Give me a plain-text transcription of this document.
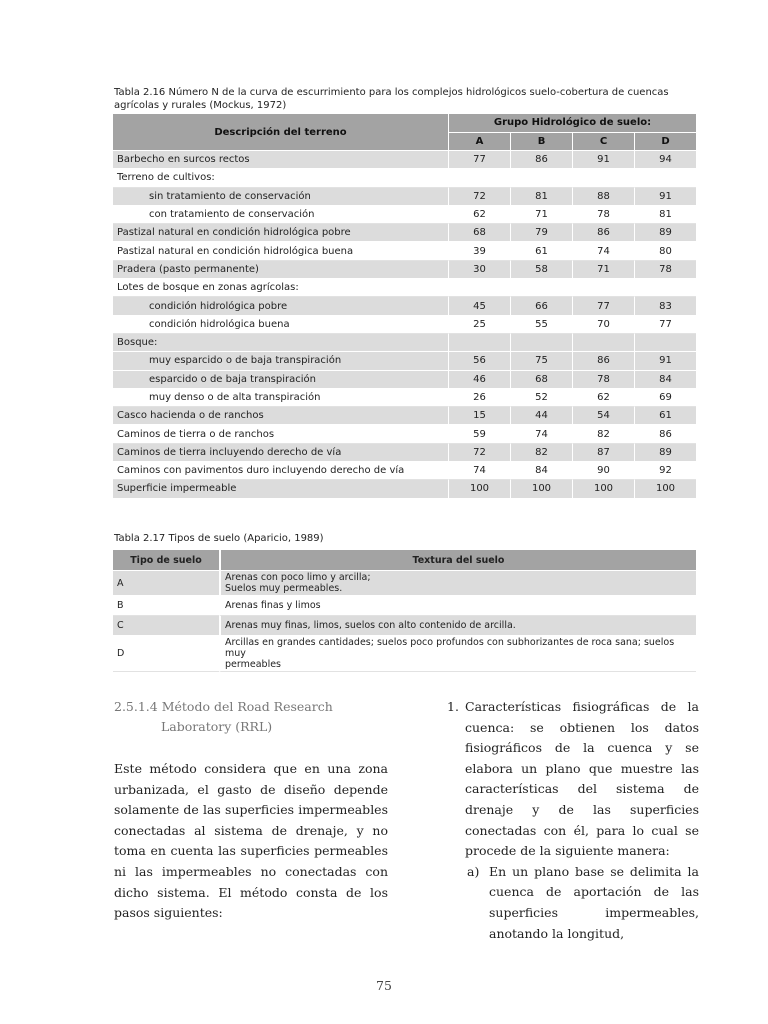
Tabla 2.16 Número N de la curva de escurrimiento para los complejos hidrológicos suelo-cobertura de cuencas agrícolas y rurales (Mockus, 1972)
Descripción del terreno	Grupo Hidrológico de suelo:			
	A	B	C	D
Barbecho en surcos rectos	77	86	91	94
Terreno de cultivos:				
sin tratamiento de conservación	72	81	88	91
con tratamiento de conservación	62	71	78	81
Pastizal natural en condición hidrológica pobre	68	79	86	89
Pastizal natural en condición hidrológica buena	39	61	74	80
Pradera (pasto permanente)	30	58	71	78
Lotes de bosque en zonas agrícolas:				
condición hidrológica pobre	45	66	77	83
condición hidrológica buena	25	55	70	77
Bosque:				
muy esparcido o de baja transpiración	56	75	86	91
esparcido o de baja transpiración	46	68	78	84
muy denso o de alta transpiración	26	52	62	69
Casco hacienda o de ranchos	15	44	54	61
Caminos de tierra o de ranchos	59	74	82	86
Caminos de tierra incluyendo derecho de vía	72	82	87	89
Caminos con pavimentos duro incluyendo derecho de vía	74	84	90	92
Superficie impermeable	100	100	100	100
Tabla 2.17 Tipos de suelo (Aparicio, 1989)
Tipo de suelo	Textura del suelo
A	Arenas con poco limo y arcilla;
Suelos muy permeables.

B	Arenas finas y limos

C	Arenas muy finas, limos, suelos con alto contenido de arcilla.

D	Arcillas en grandes cantidades; suelos poco profundos con subhorizantes de roca sana; suelos muy
permeables
2.5.1.4 Método del Road Research
Laboratory (RRL)
Este método considera que en una zona urbanizada, el gasto de diseño depende solamente de las superficies impermeables conectadas al sistema de drenaje, y no toma en cuenta las superficies permeables ni las impermeables no conectadas con dicho sistema. El método consta de los pasos siguientes:
1. Características fisiográficas de la cuenca: se obtienen los datos fisiográficos de la cuenca y se elabora un plano que muestre las características del sistema de drenaje y de las superficies conectadas con él, para lo cual se procede de la siguiente manera:
a) En un plano base se delimita la cuenca de aportación de las superficies impermeables, anotando la longitud,
75
